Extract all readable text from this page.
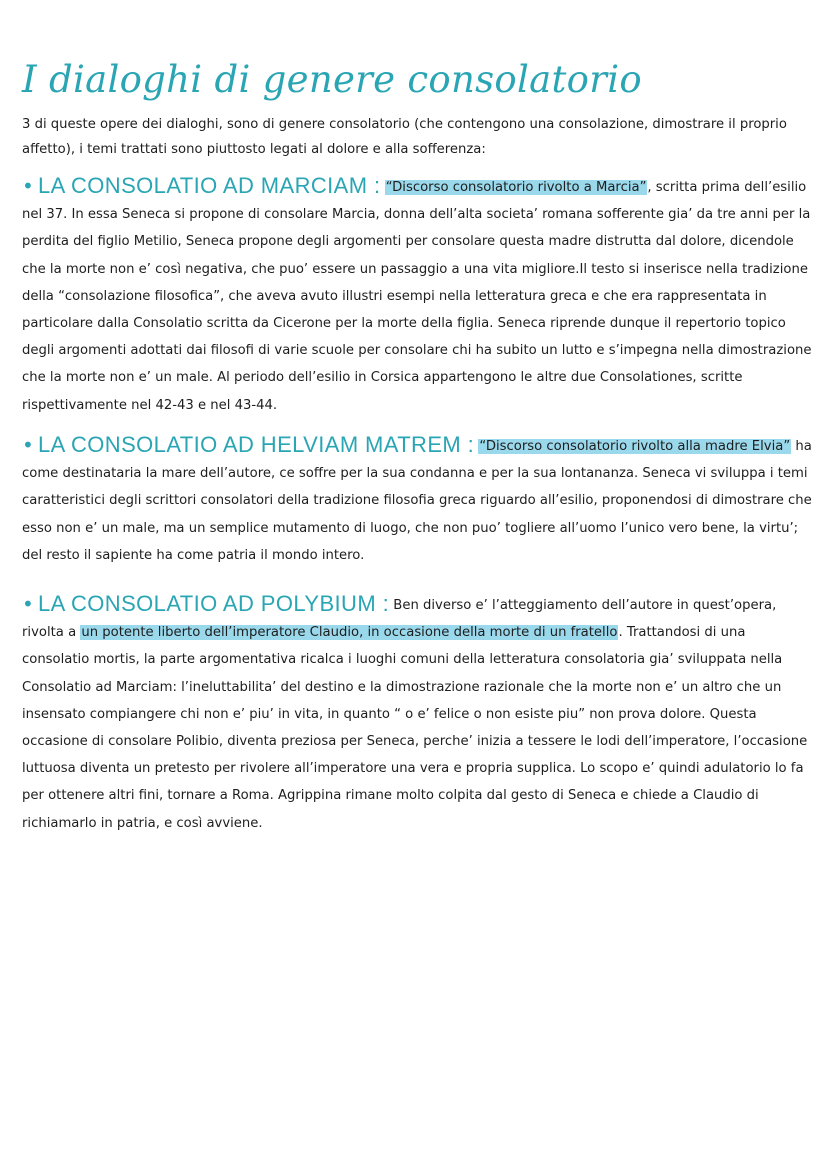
I dialoghi di genere consolatorio
3 di queste opere dei dialoghi, sono di genere consolatorio (che contengono una consolazione, dimostrare il proprio affetto), i temi trattati sono piuttosto legati al dolore e alla sofferenza:
• LA CONSOLATIO AD MARCIAM : “Discorso consolatorio rivolto a Marcia”, scritta prima dell’esilio nel 37. In essa Seneca si propone di consolare Marcia, donna dell’alta societa’ romana sofferente gia’ da tre anni per la perdita del figlio Metilio, Seneca propone degli argomenti per consolare questa madre distrutta dal dolore, dicendole che la morte non e’ così negativa, che puo’ essere un passaggio a una vita migliore.Il testo si inserisce nella tradizione della “consolazione filosofica”, che aveva avuto illustri esempi nella letteratura greca e che era rappresentata in particolare dalla Consolatio scritta da Cicerone per la morte della figlia. Seneca riprende dunque il repertorio topico degli argomenti adottati dai filosofi di varie scuole per consolare chi ha subito un lutto e s’impegna nella dimostrazione che la morte non e’ un male. Al periodo dell’esilio in Corsica appartengono le altre due Consolationes, scritte rispettivamente nel 42-43 e nel 43-44.
• LA CONSOLATIO AD HELVIAM MATREM : “Discorso consolatorio rivolto alla madre Elvia” ha come destinataria la mare dell’autore, ce soffre per la sua condanna e per la sua lontananza. Seneca vi sviluppa i temi caratteristici degli scrittori consolatori della tradizione filosofia greca riguardo all’esilio, proponendosi di dimostrare che esso non e’ un male, ma un semplice mutamento di luogo, che non puo’ togliere all’uomo l’unico vero bene, la virtu’; del resto il sapiente ha come patria il mondo intero.
• LA CONSOLATIO AD POLYBIUM : Ben diverso e’ l’atteggiamento dell’autore in quest’opera, rivolta a un potente liberto dell’imperatore Claudio, in occasione della morte di un fratello. Trattandosi di una consolatio mortis, la parte argomentativa ricalca i luoghi comuni della letteratura consolatoria gia’ sviluppata nella Consolatio ad Marciam: l’ineluttabilita’ del destino e la dimostrazione razionale che la morte non e’ un altro che un insensato compiangere chi non e’ piu’ in vita, in quanto “ o e’ felice o non esiste piu” non prova dolore. Questa occasione di consolare Polibio, diventa preziosa per Seneca, perche’ inizia a tessere le lodi dell’imperatore, l’occasione luttuosa diventa un pretesto per rivolere all’imperatore una vera e propria supplica. Lo scopo e’ quindi adulatorio lo fa per ottenere altri fini, tornare a Roma. Agrippina rimane molto colpita dal gesto di Seneca e chiede a Claudio di richiamarlo in patria, e così avviene.
